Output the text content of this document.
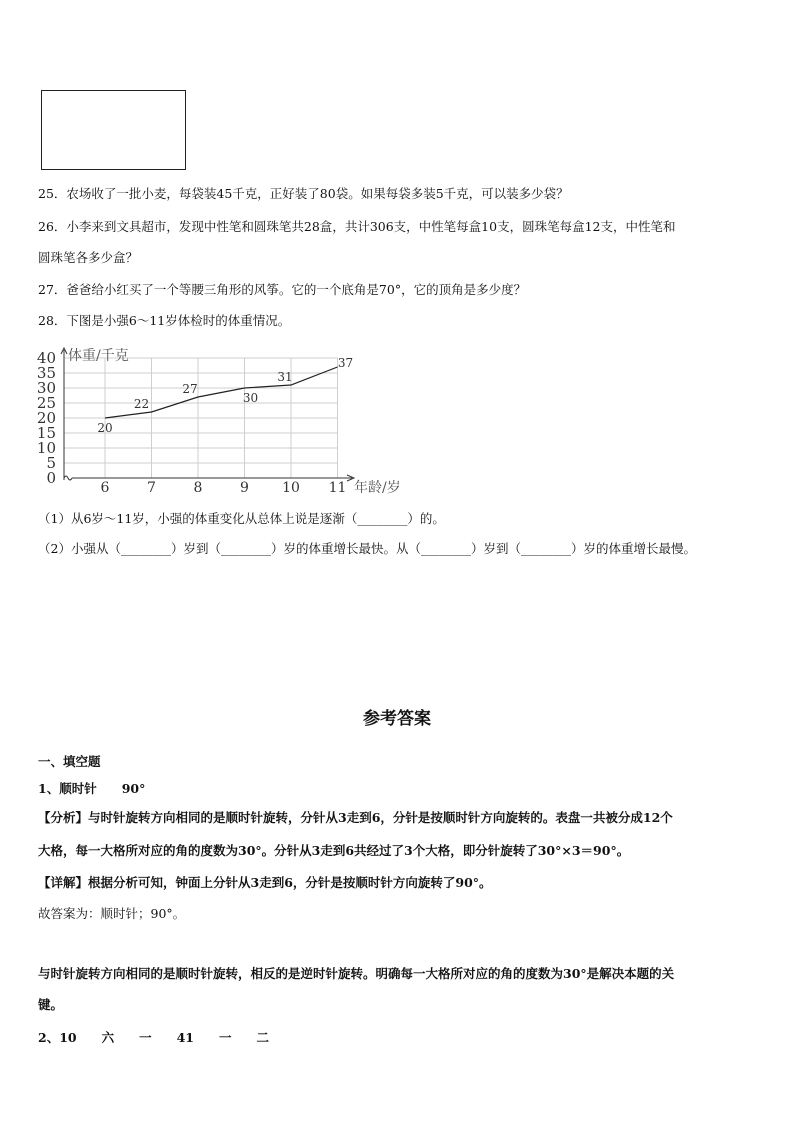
25．农场收了一批小麦，每袋装45千克，正好装了80袋。如果每袋多装5千克，可以装多少袋？
26．小李来到文具超市，发现中性笔和圆珠笔共28盒，共计306支，中性笔每盒10支，圆珠笔每盒12支，中性笔和
圆珠笔各多少盒？
27．爸爸给小红买了一个等腰三角形的风筝。它的一个底角是70°，它的顶角是多少度？
28．下图是小强6～11岁体检时的体重情况。
0
5
10
15
20
25
30
35
40
6	7	8	9 10 11
体重/千克
年龄/岁
20
22
27
30
31
37
（1）从6岁～11岁，小强的体重变化从总体上说是逐渐（________）的。
（2）小强从（________）岁到（________）岁的体重增长最快。从（________）岁到（________）岁的体重增长最慢。
参考答案
一、填空题
1、顺时针　　90°
【分析】与时针旋转方向相同的是顺时针旋转，分针从3走到6，分针是按顺时针方向旋转的。表盘一共被分成12个
大格，每一大格所对应的角的度数为30°。分针从3走到6共经过了3个大格，即分针旋转了30°×3＝90°。
【详解】根据分析可知，钟面上分针从3走到6，分针是按顺时针方向旋转了90°。
故答案为：顺时针；90°。
与时针旋转方向相同的是顺时针旋转，相反的是逆时针旋转。明确每一大格所对应的角的度数为30°是解决本题的关
键。
2、10　　六　　一　　41　　一　　二
